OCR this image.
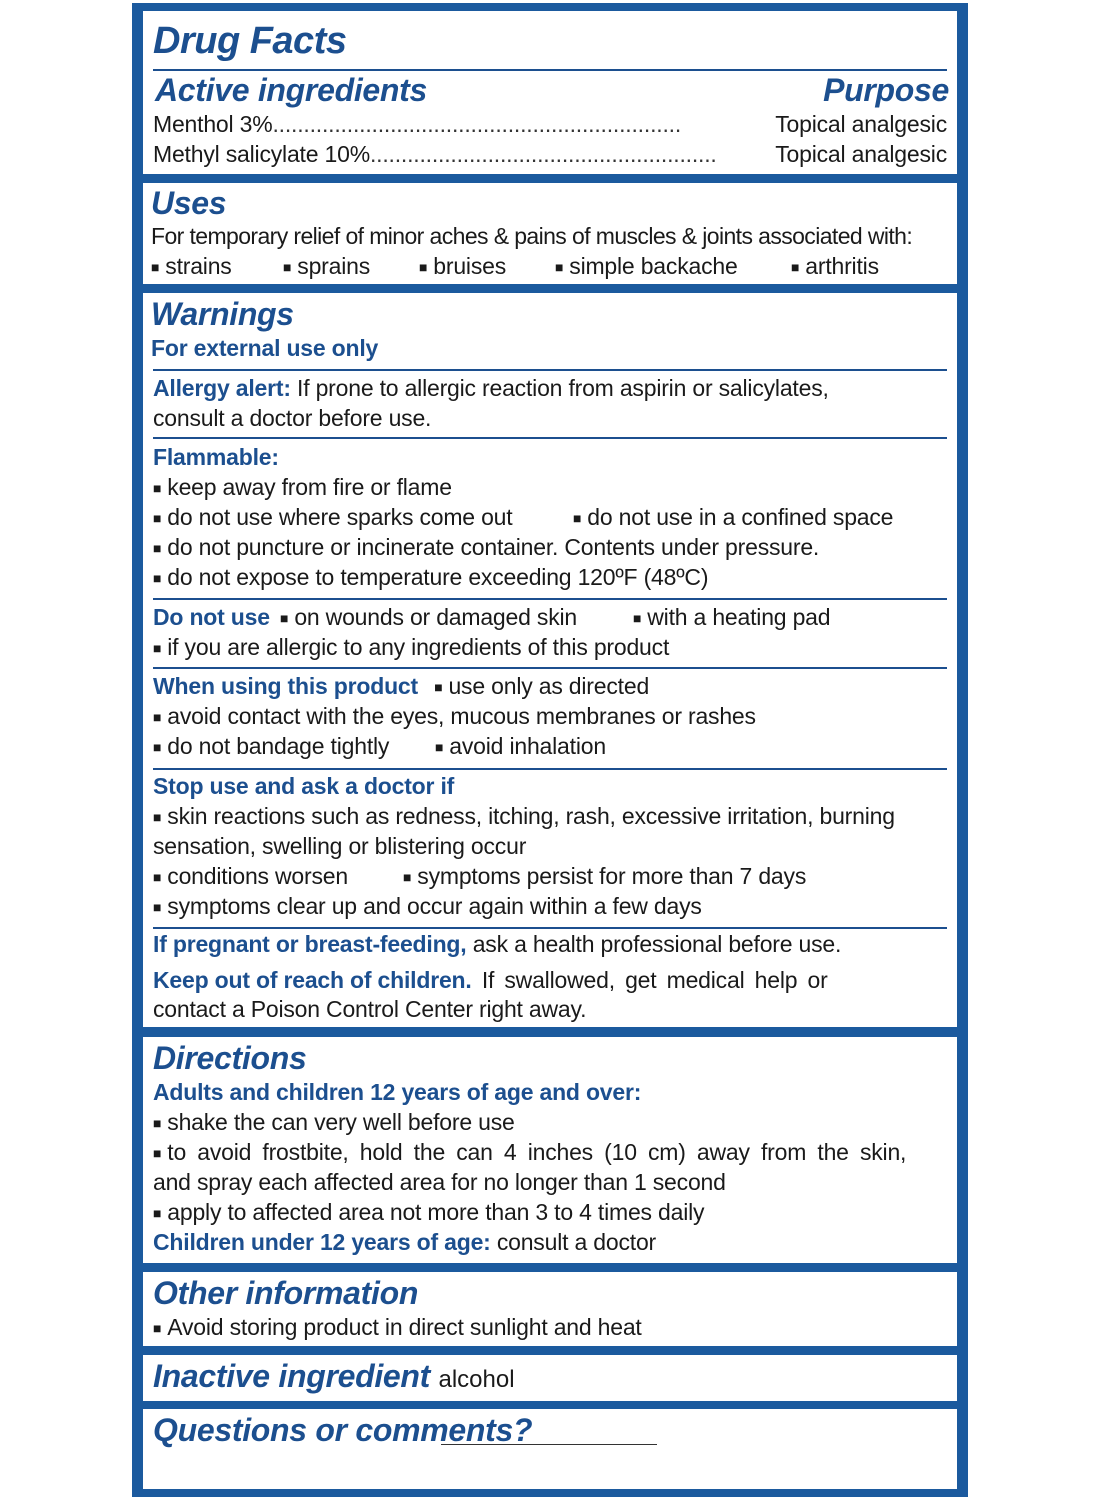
Drug Facts
Active ingredients	Purpose
Menthol 3%..................................................................	Topical analgesic
Methyl salicylate 10%........................................................	Topical analgesic
Uses
For temporary relief of minor aches & pains of muscles & joints associated with:
■ strains	■ sprains	■ bruises	■ simple backache	■ arthritis
Warnings
For external use only
Allergy alert: If prone to allergic reaction from aspirin or salicylates,
consult a doctor before use.
Flammable:
■ keep away from fire or flame
■ do not use where sparks come out	■ do not use in a confined space
■ do not puncture or incinerate container. Contents under pressure.
■ do not expose to temperature exceeding 120ºF (48ºC)
Do not use ■ on wounds or damaged skin	■ with a heating pad
■ if you are allergic to any ingredients of this product
When using this product ■ use only as directed
■ avoid contact with the eyes, mucous membranes or rashes
■ do not bandage tightly	■ avoid inhalation
Stop use and ask a doctor if
■ skin reactions such as redness, itching, rash, excessive irritation, burning
sensation, swelling or blistering occur
■ conditions worsen	■ symptoms persist for more than 7 days
■ symptoms clear up and occur again within a few days
If pregnant or breast-feeding, ask a health professional before use.
Keep out of reach of children. If swallowed, get medical help or
contact a Poison Control Center right away.
Directions
Adults and children 12 years of age and over:
■ shake the can very well before use
■ to avoid frostbite, hold the can 4 inches (10 cm) away from the skin,
and spray each affected area for no longer than 1 second
■ apply to affected area not more than 3 to 4 times daily
Children under 12 years of age: consult a doctor
Other information
■ Avoid storing product in direct sunlight and heat
Inactive ingredient alcohol
Questions or comments?
